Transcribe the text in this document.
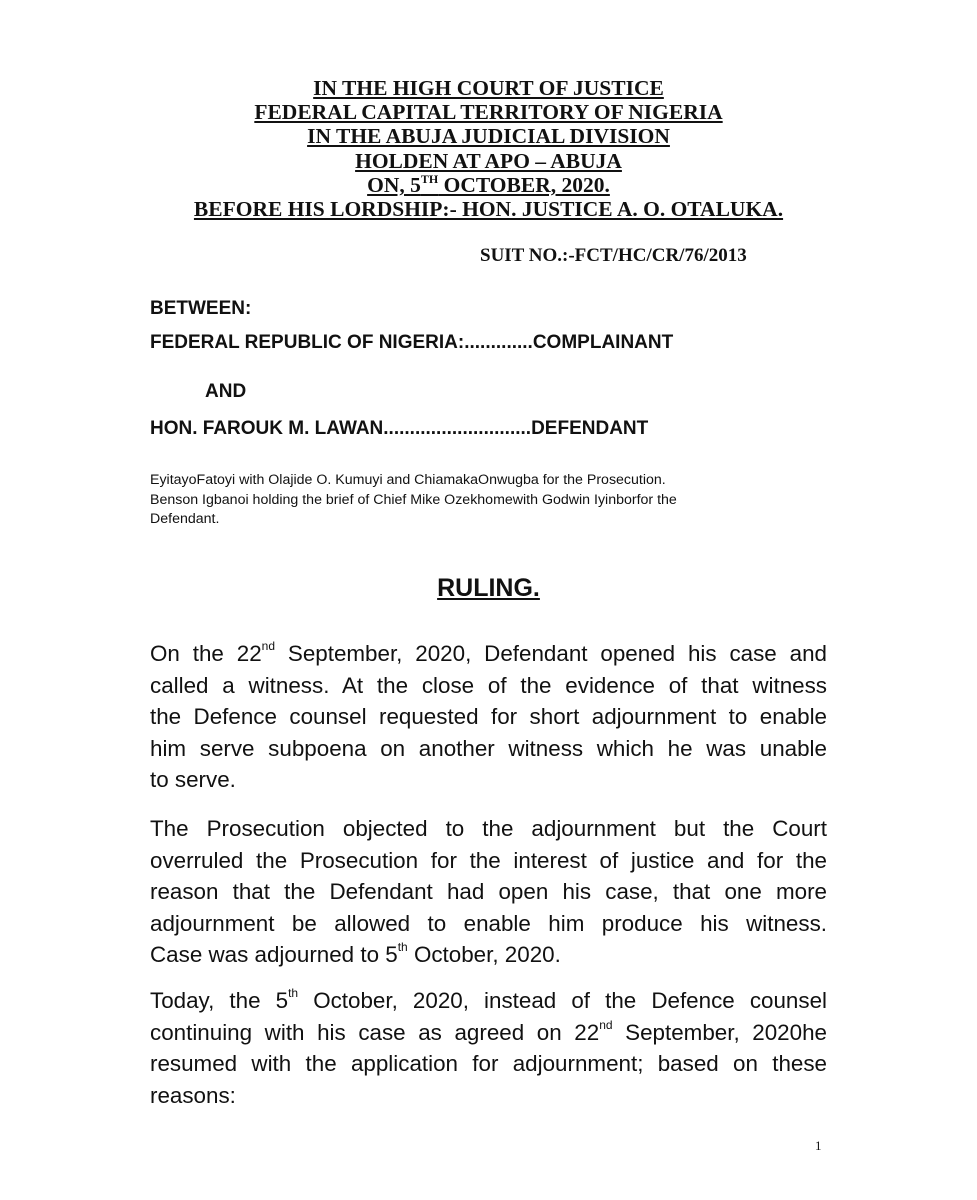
IN THE HIGH COURT OF JUSTICE
FEDERAL CAPITAL TERRITORY OF NIGERIA
IN THE ABUJA JUDICIAL DIVISION
HOLDEN AT APO – ABUJA
ON, 5TH OCTOBER, 2020.
BEFORE HIS LORDSHIP:- HON. JUSTICE A. O. OTALUKA.
SUIT NO.:-FCT/HC/CR/76/2013
BETWEEN:
FEDERAL REPUBLIC OF NIGERIA:.............COMPLAINANT
AND
HON. FAROUK M. LAWAN............................DEFENDANT
EyitayoFatoyi with Olajide O. Kumuyi and ChiamakaOnwugba for the Prosecution.
Benson Igbanoi holding the brief of Chief Mike Ozekhomewith Godwin Iyinborfor the
Defendant.
RULING.
On the 22nd September, 2020, Defendant opened his case and
called a witness. At the close of the evidence of that witness
the Defence counsel requested for short adjournment to enable
him serve subpoena on another witness which he was unable
to serve.
The Prosecution objected to the adjournment but the Court
overruled the Prosecution for the interest of justice and for the
reason that the Defendant had open his case, that one more
adjournment be allowed to enable him produce his witness.
Case was adjourned to 5th October, 2020.
Today, the 5th October, 2020, instead of the Defence counsel
continuing with his case as agreed on 22nd September, 2020he
resumed with the application for adjournment; based on these
reasons:
1
